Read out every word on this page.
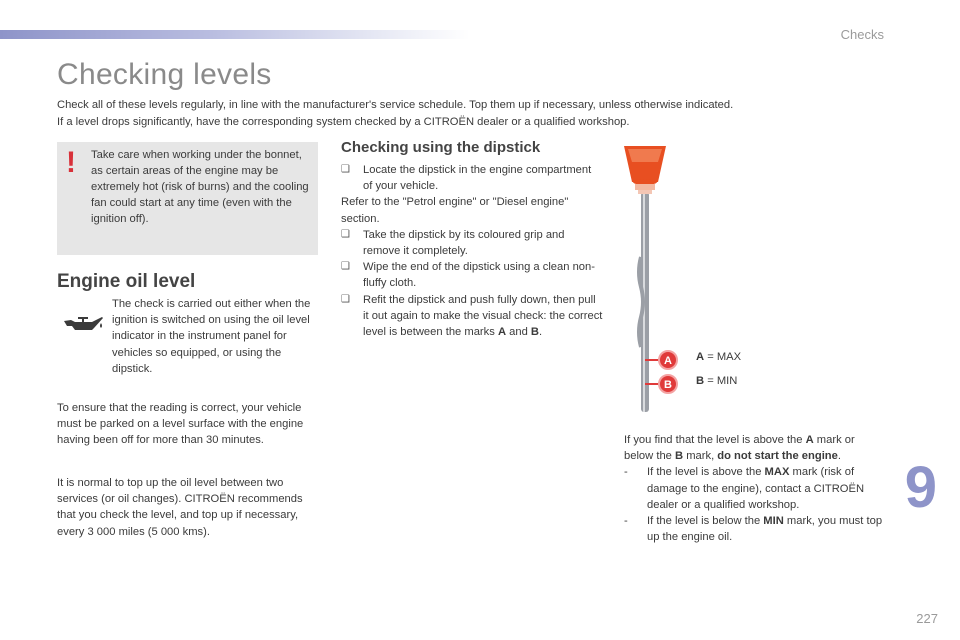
Checks
Checking levels

Check all of these levels regularly, in line with the manufacturer's service schedule. Top them up if necessary, unless otherwise indicated.

If a level drops significantly, have the corresponding system checked by a CITROËN dealer or a qualified workshop.

! Take care when working under the bonnet, as certain areas of the engine may be extremely hot (risk of burns) and the cooling fan could start at any time (even with the ignition off).

Engine oil level

The check is carried out either when the ignition is switched on using the oil level indicator in the instrument panel for vehicles so equipped, or using the dipstick.

To ensure that the reading is correct, your vehicle must be parked on a level surface with the engine having been off for more than 30 minutes.

It is normal to top up the oil level between two services (or oil changes). CITROËN recommends that you check the level, and top up if necessary, every 3 000 miles (5 000 kms).

Checking using the dipstick

❑ Locate the dipstick in the engine compartment of your vehicle.

Refer to the "Petrol engine" or "Diesel engine" section.

❑ Take the dipstick by its coloured grip and remove it completely.

❑ Wipe the end of the dipstick using a clean non-fluffy cloth.

❑ Refit the dipstick and push fully down, then pull it out again to make the visual check: the correct level is between the marks A and B.

A
B
A = MAX
B = MIN

If you find that the level is above the A mark or below the B mark, do not start the engine.

- If the level is above the MAX mark (risk of damage to the engine), contact a CITROËN dealer or a qualified workshop.

- If the level is below the MIN mark, you must top up the engine oil.

9
227
